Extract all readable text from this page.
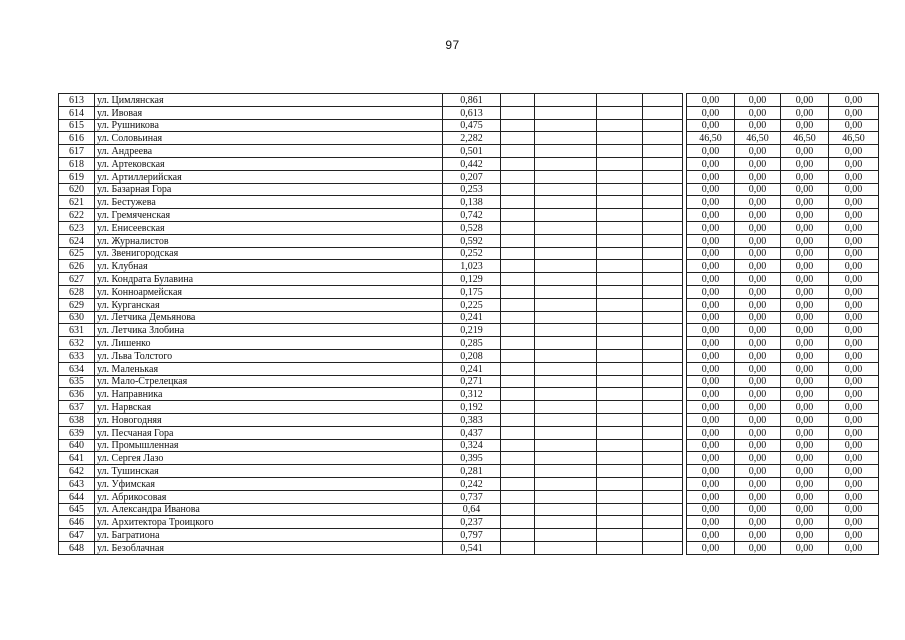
97
613	ул. Цимлянская	0,861						0,00	0,00	0,00	0,00
614	ул. Ивовая	0,613						0,00	0,00	0,00	0,00
615	ул. Рушникова	0,475						0,00	0,00	0,00	0,00
616	ул. Соловьиная	2,282						46,50	46,50	46,50	46,50
617	ул. Андреева	0,501						0,00	0,00	0,00	0,00
618	ул. Артековская	0,442						0,00	0,00	0,00	0,00
619	ул. Артиллерийская	0,207						0,00	0,00	0,00	0,00
620	ул. Базарная Гора	0,253						0,00	0,00	0,00	0,00
621	ул. Бестужева	0,138						0,00	0,00	0,00	0,00
622	ул. Гремяченская	0,742						0,00	0,00	0,00	0,00
623	ул. Енисеевская	0,528						0,00	0,00	0,00	0,00
624	ул. Журналистов	0,592						0,00	0,00	0,00	0,00
625	ул. Звенигородская	0,252						0,00	0,00	0,00	0,00
626	ул. Клубная	1,023						0,00	0,00	0,00	0,00
627	ул. Кондрата Булавина	0,129						0,00	0,00	0,00	0,00
628	ул. Конноармейская	0,175						0,00	0,00	0,00	0,00
629	ул. Курганская	0,225						0,00	0,00	0,00	0,00
630	ул. Летчика Демьянова	0,241						0,00	0,00	0,00	0,00
631	ул. Летчика Злобина	0,219						0,00	0,00	0,00	0,00
632	ул. Лишенко	0,285						0,00	0,00	0,00	0,00
633	ул. Льва Толстого	0,208						0,00	0,00	0,00	0,00
634	ул. Маленькая	0,241						0,00	0,00	0,00	0,00
635	ул. Мало-Стрелецкая	0,271						0,00	0,00	0,00	0,00
636	ул. Направника	0,312						0,00	0,00	0,00	0,00
637	ул. Нарвская	0,192						0,00	0,00	0,00	0,00
638	ул. Новогодняя	0,383						0,00	0,00	0,00	0,00
639	ул. Песчаная Гора	0,437						0,00	0,00	0,00	0,00
640	ул. Промышленная	0,324						0,00	0,00	0,00	0,00
641	ул. Сергея Лазо	0,395						0,00	0,00	0,00	0,00
642	ул. Тушинская	0,281						0,00	0,00	0,00	0,00
643	ул. Уфимская	0,242						0,00	0,00	0,00	0,00
644	ул. Абрикосовая	0,737						0,00	0,00	0,00	0,00
645	ул. Александра Иванова	0,64						0,00	0,00	0,00	0,00
646	ул. Архитектора Троицкого	0,237						0,00	0,00	0,00	0,00
647	ул. Багратиона	0,797						0,00	0,00	0,00	0,00
648	ул. Безоблачная	0,541						0,00	0,00	0,00	0,00
